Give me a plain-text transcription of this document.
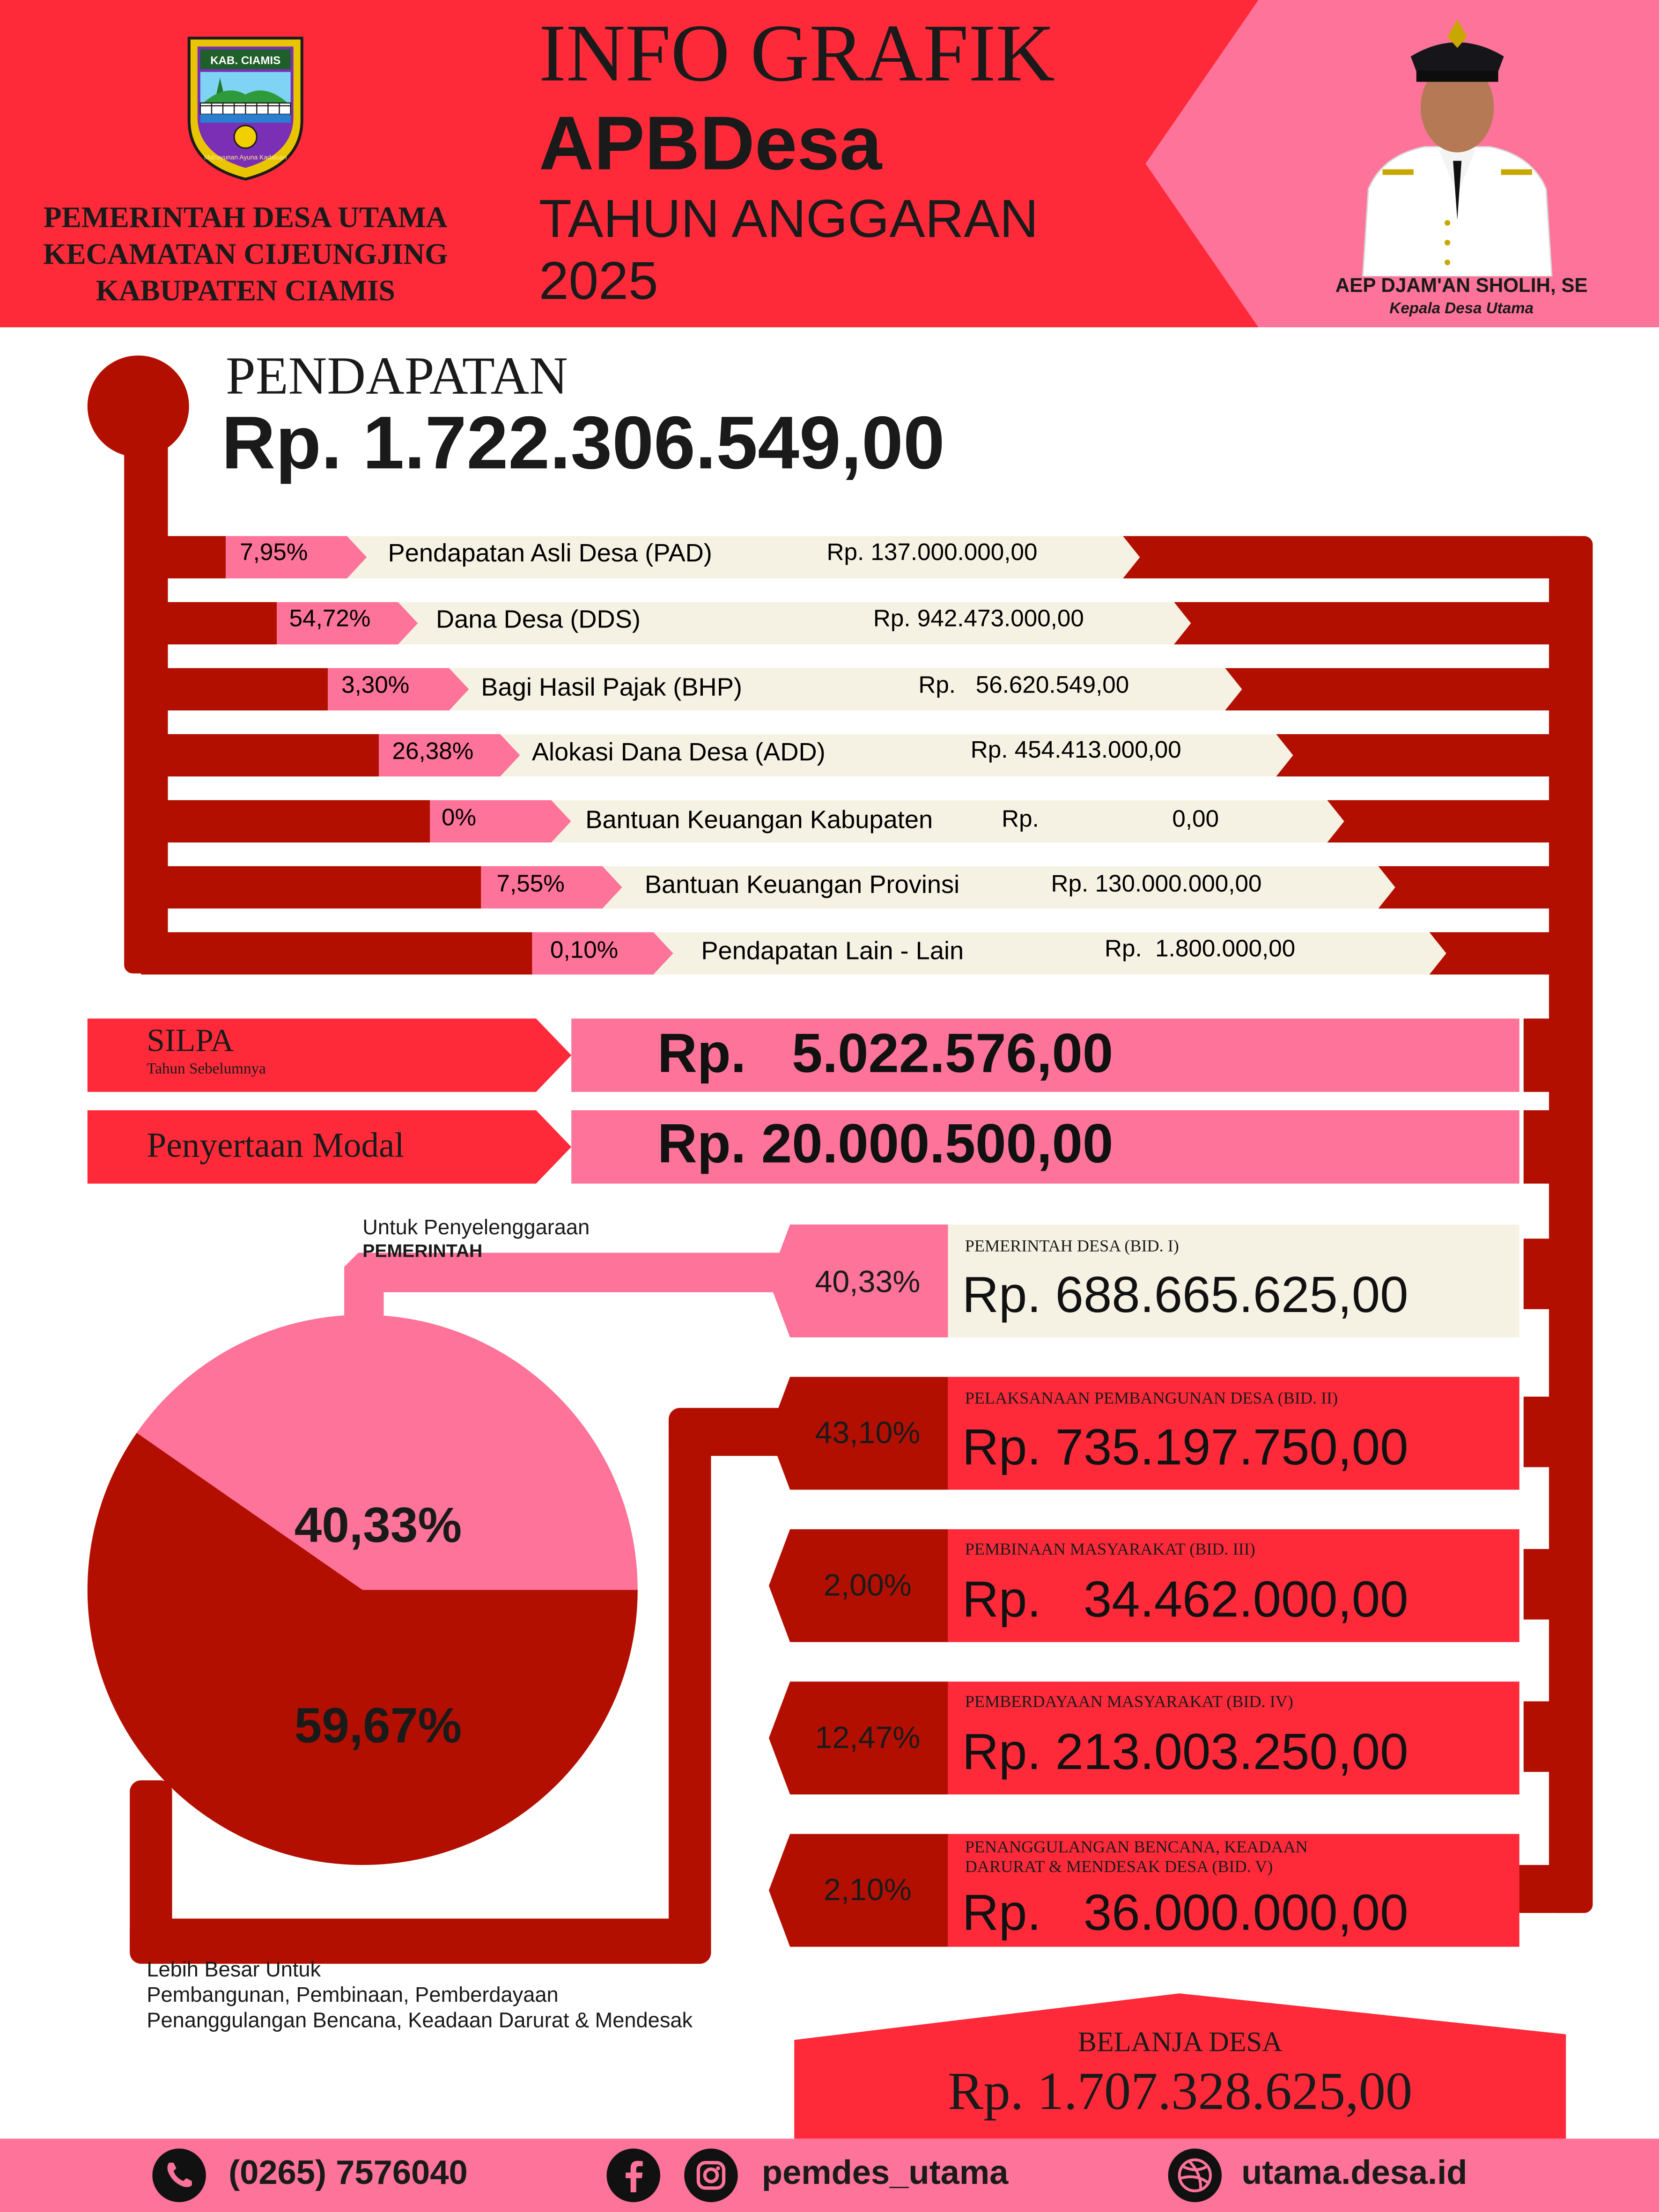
KAB. CIAMIS
Mahayunan Ayuna Kadaluan
PEMERINTAH DESA UTAMA
KECAMATAN CIJEUNGJING
KABUPATEN CIAMIS
INFO GRAFIK
APBDesa
TAHUN ANGGARAN
2025	AEP DJAM'AN SHOLIH, SE
Kepala Desa Utama
PENDAPATAN
Rp. 1.722.306.549,00
7,95%	Pendapatan Asli Desa (PAD)	Rp. 137.000.000,00
54,72%	Dana Desa (DDS)	Rp. 942.473.000,00
3,30%	Bagi Hasil Pajak (BHP)	Rp.   56.620.549,00
26,38%	Alokasi Dana Desa (ADD)	Rp. 454.413.000,00
0%	Bantuan Keuangan Kabupaten	Rp.                    0,00
7,55%	Bantuan Keuangan Provinsi	Rp. 130.000.000,00
0,10%	Pendapatan Lain - Lain	Rp.  1.800.000,00
SILPA
Tahun Sebelumnya	Rp.   5.022.576,00
Penyertaan Modal	Rp. 20.000.500,00
Untuk Penyelenggaraan
PEMERINTAH
40,33%
59,67%
Lebih Besar Untuk
Pembangunan, Pembinaan, Pemberdayaan
Penanggulangan Bencana, Keadaan Darurat & Mendesak
40,33%
PEMERINTAH DESA (BID. I)
Rp. 688.665.625,00
43,10%
PELAKSANAAN PEMBANGUNAN DESA (BID. II)
Rp. 735.197.750,00
2,00%
PEMBINAAN MASYARAKAT (BID. III)
Rp.   34.462.000,00
12,47%
PEMBERDAYAAN MASYARAKAT (BID. IV)
Rp. 213.003.250,00
2,10%
PENANGGULANGAN BENCANA, KEADAAN
DARURAT & MENDESAK DESA (BID. V)
Rp.   36.000.000,00
BELANJA DESA
Rp. 1.707.328.625,00
(0265) 7576040	pemdes_utama	utama.desa.id
